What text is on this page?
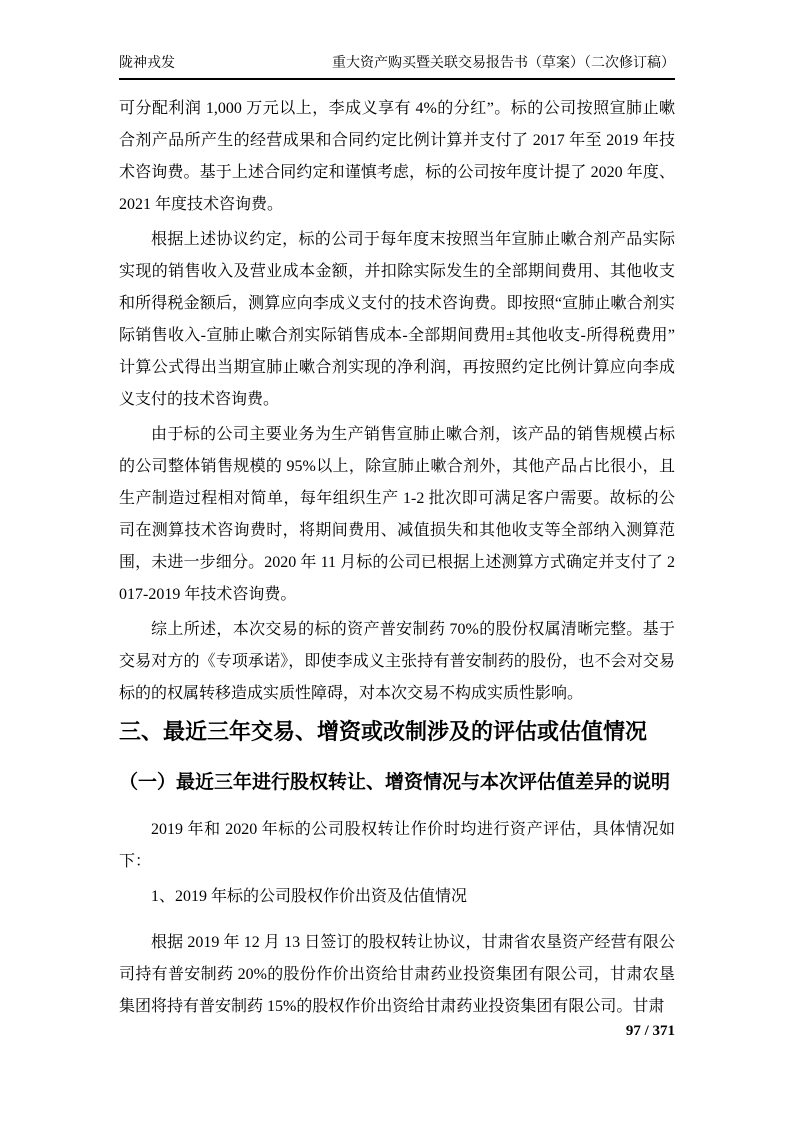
陇神戎发	重大资产购买暨关联交易报告书（草案）（二次修订稿）

可分配利润 1,000 万元以上，李成义享有 4%的分红”。标的公司按照宣肺止嗽合剂产品所产生的经营成果和合同约定比例计算并支付了 2017 年至 2019 年技术咨询费。基于上述合同约定和谨慎考虑，标的公司按年度计提了 2020 年度、2021 年度技术咨询费。

根据上述协议约定，标的公司于每年度末按照当年宣肺止嗽合剂产品实际实现的销售收入及营业成本金额，并扣除实际发生的全部期间费用、其他收支和所得税金额后，测算应向李成义支付的技术咨询费。即按照“宣肺止嗽合剂实际销售收入-宣肺止嗽合剂实际销售成本-全部期间费用±其他收支-所得税费用”计算公式得出当期宣肺止嗽合剂实现的净利润，再按照约定比例计算应向李成义支付的技术咨询费。

由于标的公司主要业务为生产销售宣肺止嗽合剂，该产品的销售规模占标的公司整体销售规模的 95%以上，除宣肺止嗽合剂外，其他产品占比很小，且生产制造过程相对简单，每年组织生产 1-2 批次即可满足客户需要。故标的公司在测算技术咨询费时，将期间费用、减值损失和其他收支等全部纳入测算范围，未进一步细分。2020 年 11 月标的公司已根据上述测算方式确定并支付了 2017-2019 年技术咨询费。

综上所述，本次交易的标的资产普安制药 70%的股份权属清晰完整。基于交易对方的《专项承诺》，即使李成义主张持有普安制药的股份，也不会对交易标的的权属转移造成实质性障碍，对本次交易不构成实质性影响。

三、最近三年交易、增资或改制涉及的评估或估值情况
（一）最近三年进行股权转让、增资情况与本次评估值差异的说明

2019 年和 2020 年标的公司股权转让作价时均进行资产评估，具体情况如下：

1、2019 年标的公司股权作价出资及估值情况

根据 2019 年 12 月 13 日签订的股权转让协议，甘肃省农垦资产经营有限公司持有普安制药 20%的股份作价出资给甘肃药业投资集团有限公司，甘肃农垦集团将持有普安制药 15%的股权作价出资给甘肃药业投资集团有限公司。甘肃

97 / 371
